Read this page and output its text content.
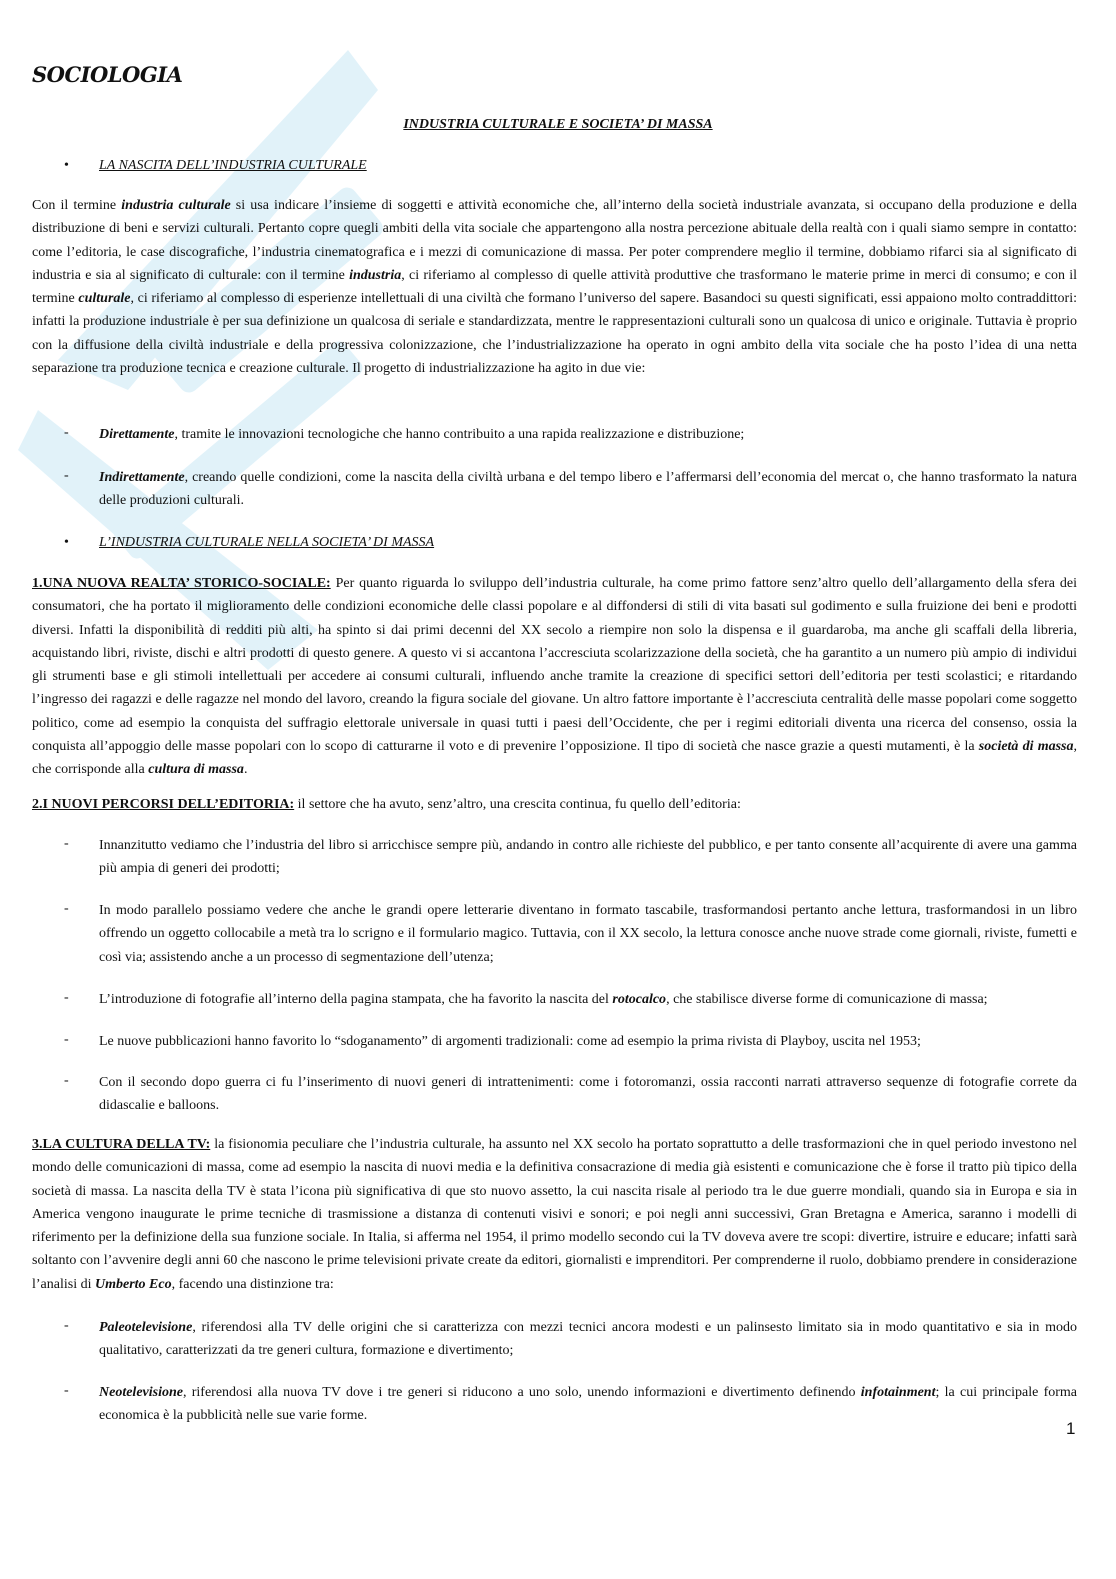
SOCIOLOGIA
INDUSTRIA CULTURALE E SOCIETA’ DI MASSA

• LA NASCITA DELL’INDUSTRIA CULTURALE

Con il termine industria culturale si usa indicare l’insieme di soggetti e attività economiche che, all’interno della società industriale avanzata, si occupano della produzione e della distribuzione di beni e servizi culturali. Pertanto copre quegli ambiti della vita sociale che appartengono alla nostra percezione abituale della realtà con i quali siamo sempre in contatto: come l’editoria, le case discografiche, l’industria cinematografica e i mezzi di comunicazione di massa. Per poter comprendere meglio il termine, dobbiamo rifarci sia al significato di industria e sia al significato di culturale: con il termine industria, ci riferiamo al complesso di quelle attività produttive che trasformano le materie prime in merci di consumo; e con il termine culturale, ci riferiamo al complesso di esperienze intellettuali di una civiltà che formano l’universo del sapere. Basandoci su questi significati, essi appaiono molto contraddittori: infatti la produzione industriale è per sua definizione un qualcosa di seriale e standardizzata, mentre le rappresentazioni culturali sono un qualcosa di unico e originale. Tuttavia è proprio con la diffusione della civiltà industriale e della progressiva colonizzazione, che l’industrializzazione ha operato in ogni ambito della vita sociale che ha posto l’idea di una netta separazione tra produzione tecnica e creazione culturale. Il progetto di industrializzazione ha agito in due vie:

-	Direttamente, tramite le innovazioni tecnologiche che hanno contribuito a una rapida realizzazione e distribuzione;
-	Indirettamente, creando quelle condizioni, come la nascita della civiltà urbana e del tempo libero e l’affermarsi dell’economia del mercat o, che hanno trasformato la natura delle produzioni culturali.

• L’INDUSTRIA CULTURALE NELLA SOCIETA’ DI MASSA

1.UNA NUOVA REALTA’ STORICO-SOCIALE: Per quanto riguarda lo sviluppo dell’industria culturale, ha come primo fattore senz’altro quello dell’allargamento della sfera dei consumatori, che ha portato il miglioramento delle condizioni economiche delle classi popolare e al diffondersi di stili di vita basati sul godimento e sulla fruizione dei beni e prodotti diversi. Infatti la disponibilità di redditi più alti, ha spinto si dai primi decenni del XX secolo a riempire non solo la dispensa e il guardaroba, ma anche gli scaffali della libreria, acquistando libri, riviste, dischi e altri prodotti di questo genere. A questo vi si accantona l’accresciuta scolarizzazione della società, che ha garantito a un numero più ampio di individui gli strumenti base e gli stimoli intellettuali per accedere ai consumi culturali, influendo anche tramite la creazione di specifici settori dell’editoria per testi scolastici; e ritardando l’ingresso dei ragazzi e delle ragazze nel mondo del lavoro, creando la figura sociale del giovane. Un altro fattore importante è l’accresciuta centralità delle masse popolari come soggetto politico, come ad esempio la conquista del suffragio elettorale universale in quasi tutti i paesi dell’Occidente, che per i regimi editoriali diventa una ricerca del consenso, ossia la conquista all’appoggio delle masse popolari con lo scopo di catturarne il voto e di prevenire l’opposizione. Il tipo di società che nasce grazie a questi mutamenti, è la società di massa, che corrisponde alla cultura di massa.

2.I NUOVI PERCORSI DELL’EDITORIA: il settore che ha avuto, senz’altro, una crescita continua, fu quello dell’editoria:

-	Innanzitutto vediamo che l’industria del libro si arricchisce sempre più, andando in contro alle richieste del pubblico, e per tanto consente all’acquirente di avere una gamma più ampia di generi dei prodotti;
-	In modo parallelo possiamo vedere che anche le grandi opere letterarie diventano in formato tascabile, trasformandosi pertanto anche lettura, trasformandosi in un libro offrendo un oggetto collocabile a metà tra lo scrigno e il formulario magico. Tuttavia, con il XX secolo, la lettura conosce anche nuove strade come giornali, riviste, fumetti e così via; assistendo anche a un processo di segmentazione dell’utenza;
-	L’introduzione di fotografie all’interno della pagina stampata, che ha favorito la nascita del rotocalco, che stabilisce diverse forme di comunicazione di massa;
-	Le nuove pubblicazioni hanno favorito lo “sdoganamento” di argomenti tradizionali: come ad esempio la prima rivista di Playboy, uscita nel 1953;
-	Con il secondo dopo guerra ci fu l’inserimento di nuovi generi di intrattenimenti: come i fotoromanzi, ossia racconti narrati attraverso sequenze di fotografie correte da didascalie e balloons.

3.LA CULTURA DELLA TV: la fisionomia peculiare che l’industria culturale, ha assunto nel XX secolo ha portato soprattutto a delle trasformazioni che in quel periodo investono nel mondo delle comunicazioni di massa, come ad esempio la nascita di nuovi media e la definitiva consacrazione di media già esistenti e comunicazione che è forse il tratto più tipico della società di massa. La nascita della TV è stata l’icona più significativa di que sto nuovo assetto, la cui nascita risale al periodo tra le due guerre mondiali, quando sia in Europa e sia in America vengono inaugurate le prime tecniche di trasmissione a distanza di contenuti visivi e sonori; e poi negli anni successivi, Gran Bretagna e America, saranno i modelli di riferimento per la definizione della sua funzione sociale. In Italia, si afferma nel 1954, il primo modello secondo cui la TV doveva avere tre scopi: divertire, istruire e educare; infatti sarà soltanto con l’avvenire degli anni 60 che nascono le prime televisioni private create da editori, giornalisti e imprenditori. Per comprenderne il ruolo, dobbiamo prendere in considerazione l’analisi di Umberto Eco, facendo una distinzione tra:

-	Paleotelevisione, riferendosi alla TV delle origini che si caratterizza con mezzi tecnici ancora modesti e un palinsesto limitato sia in modo quantitativo e sia in modo qualitativo, caratterizzati da tre generi cultura, formazione e divertimento;
-	Neotelevisione, riferendosi alla nuova TV dove i tre generi si riducono a uno solo, unendo informazioni e divertimento definendo infotainment; la cui principale forma economica è la pubblicità nelle sue varie forme.

1
